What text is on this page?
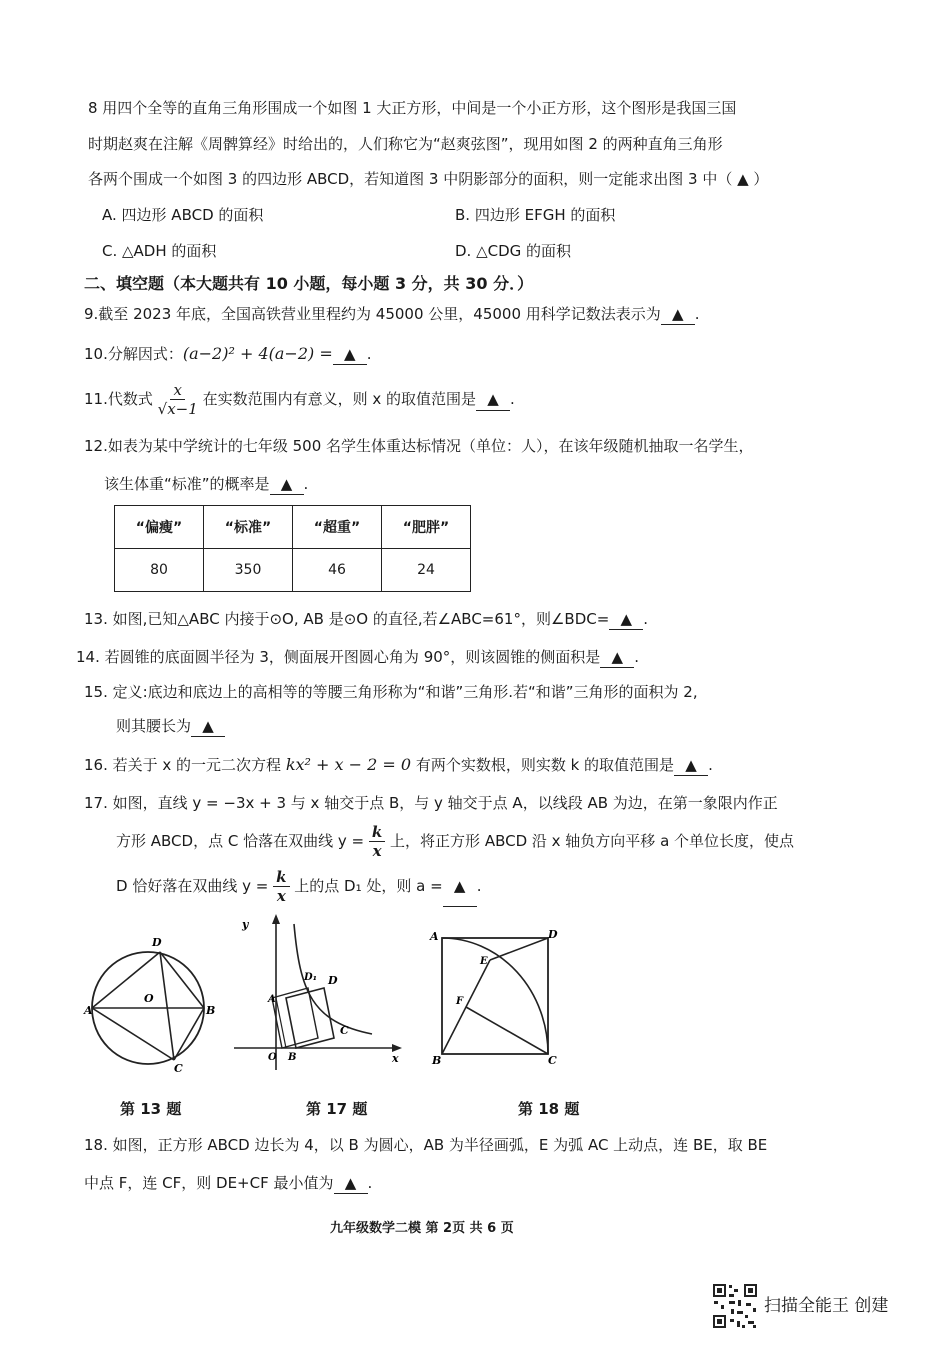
8 用四个全等的直角三角形围成一个如图 1 大正方形，中间是一个小正方形，这个图形是我国三国
时期赵爽在注解《周髀算经》时给出的，人们称它为“赵爽弦图”，现用如图 2 的两种直角三角形
各两个围成一个如图 3 的四边形 ABCD，若知道图 3 中阴影部分的面积，则一定能求出图 3 中（ ▲ ）
A. 四边形 ABCD 的面积	B. 四边形 EFGH 的面积
C. △ADH 的面积	D. △CDG 的面积
二、填空题（本大题共有 10 小题，每小题 3 分，共 30 分．）
9.截至 2023 年底，全国高铁营业里程约为 45000 公里，45000 用科学记数法表示为 ▲ .
10.分解因式：(a−2)² + 4(a−2) = ▲ .
11.代数式 $\frac{x}{√x-1}$ 在实数范围内有意义，则 x 的取值范围是 ▲ .
12.如表为某中学统计的七年级 500 名学生体重达标情况（单位：人），在该年级随机抽取一名学生，
该生体重“标准”的概率是 ▲ .
“偏瘦”	“标准”	“超重”	“肥胖”
80	350	46	24
13. 如图,已知△ABC 内接于⊙O, AB 是⊙O 的直径,若∠ABC=61°，则∠BDC= ▲ .
14. 若圆锥的底面圆半径为 3，侧面展开图圆心角为 90°，则该圆锥的侧面积是 ▲ .
15. 定义:底边和底边上的高相等的等腰三角形称为“和谐”三角形.若“和谐”三角形的面积为 2,
则其腰长为 ▲
16. 若关于 x 的一元二次方程 kx² + x − 2 = 0 有两个实数根，则实数 k 的取值范围是 ▲ .
17. 如图，直线 y = −3x + 3 与 x 轴交于点 B，与 y 轴交于点 A，以线段 AB 为边，在第一象限内作正
方形 ABCD，点 C 恰落在双曲线 $y = \frac{k}{x}$ 上，将正方形 ABCD 沿 x 轴负方向平移 a 个单位长度，使点
D 恰好落在双曲线 $y = \frac{k}{x}$ 上的点 D₁ 处，则 a = ▲ .
D
A
O
B
C
y
D₁ D
A
C
O B	x
A	D
E
F
B	C
第 13 题	第 17 题	第 18 题
18. 如图，正方形 ABCD 边长为 4，以 B 为圆心，AB 为半径画弧，E 为弧 AC 上动点，连 BE，取 BE
中点 F，连 CF，则 DE+CF 最小值为 ▲ .
九年级数学二模 第 2页 共 6 页
扫描全能王 创建
